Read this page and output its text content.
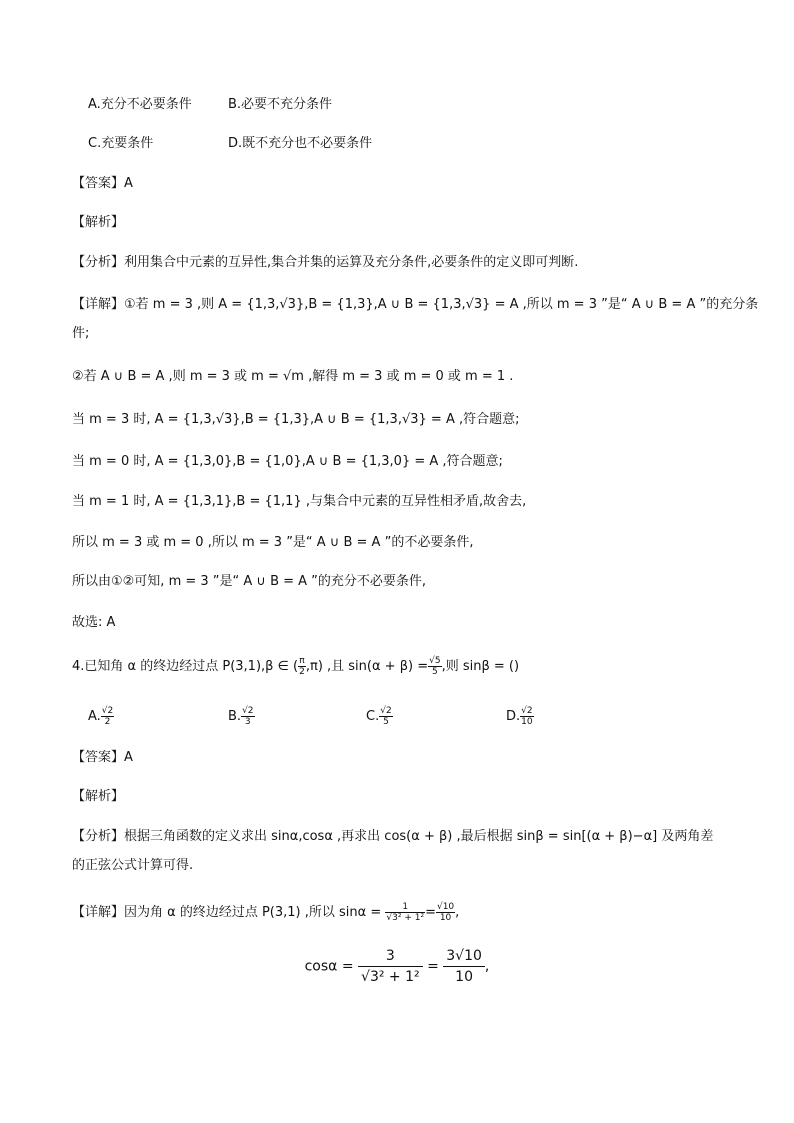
A.充分不必要条件	B.必要不充分条件
C.充要条件	D.既不充分也不必要条件
【答案】A
【解析】
【分析】利用集合中元素的互异性,集合并集的运算及充分条件,必要条件的定义即可判断.
【详解】①若 m = 3 ,则 A = {1,3,√3},B = {1,3},A ∪ B = {1,3,√3} = A ,所以 m = 3 ”是“ A ∪ B = A ”的充分条
件;
②若 A ∪ B = A ,则 m = 3 或 m = √m ,解得 m = 3 或 m = 0 或 m = 1 .
当 m = 3 时, A = {1,3,√3},B = {1,3},A ∪ B = {1,3,√3} = A ,符合题意;
当 m = 0 时, A = {1,3,0},B = {1,0},A ∪ B = {1,3,0} = A ,符合题意;
当 m = 1 时, A = {1,3,1},B = {1,1} ,与集合中元素的互异性相矛盾,故舍去,
所以 m = 3 或 m = 0 ,所以 m = 3 ”是“ A ∪ B = A ”的不必要条件,
所以由①②可知, m = 3 ”是“ A ∪ B = A ”的充分不必要条件,
故选: A
4.已知角 α 的终边经过点 P(3,1),β ∈ ( $\frac{\pi}{2} ,\pi$) ,且 $\sin(\alpha + \beta) = \frac{√5}{5}$ ,则 sinβ = ()
A. $\frac{√2}{2}$	B. $\frac{√2}{3}$	C. $\frac{√2}{5}$	D. $\frac{√2}{10}$
【答案】A
【解析】
【分析】根据三角函数的定义求出 sinα,cosα ,再求出 cos(α + β) ,最后根据 sinβ = sin[(α + β)−α] 及两角差
的正弦公式计算可得.
【详解】因为角 α 的终边经过点 P(3,1) ,所以 $\sin\alpha = \frac{1}{\text{√3² + 1²}} = \frac{√10}{10}$ ,
$\cos\alpha = \frac{3}{\text{√3² + 1²}} = \frac{3√10}{10}$ ,
